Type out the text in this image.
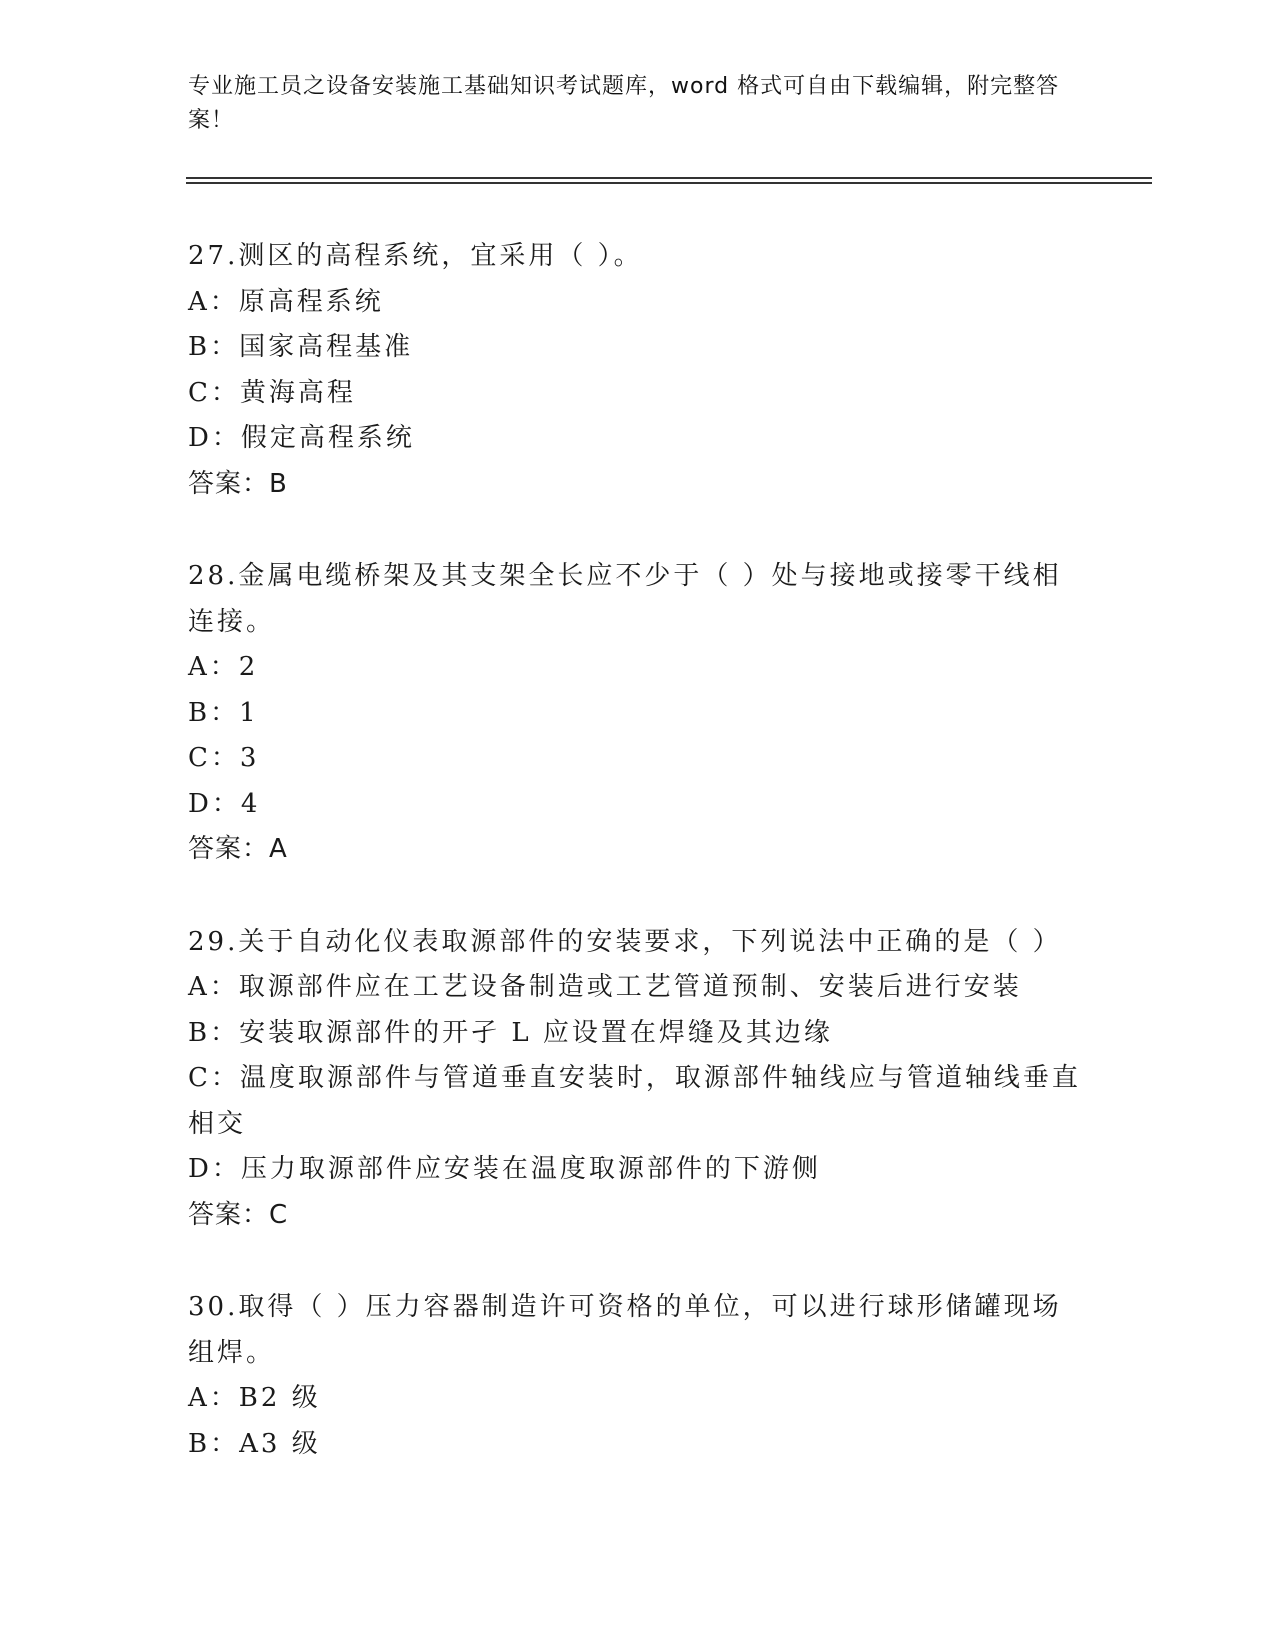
专业施工员之设备安装施工基础知识考试题库，word 格式可自由下载编辑，附完整答案！

27.测区的高程系统，宜采用（ ）。

A：原高程系统

B：国家高程基准

C：黄海高程

D：假定高程系统

答案：B

28.金属电缆桥架及其支架全长应不少于（ ）处与接地或接零干线相连接。

A：2

B：1

C：3

D：4

答案：A

29.关于自动化仪表取源部件的安装要求，下列说法中正确的是（ ）

A：取源部件应在工艺设备制造或工艺管道预制、安装后进行安装

B：安装取源部件的开孑 L 应设置在焊缝及其边缘

C：温度取源部件与管道垂直安装时，取源部件轴线应与管道轴线垂直相交

D：压力取源部件应安装在温度取源部件的下游侧

答案：C

30.取得（ ）压力容器制造许可资格的单位，可以进行球形储罐现场组焊。

A：B2 级

B：A3 级
